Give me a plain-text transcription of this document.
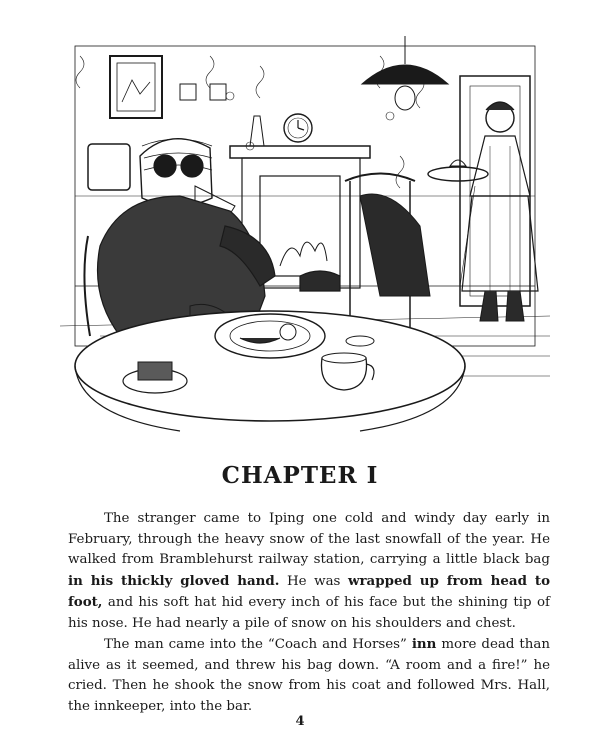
CHAPTER I

The stranger came to Iping one cold and windy day early in February, through the heavy snow of the last snowfall of the year. He walked from Bramblehurst railway station, carrying a little black bag in his thickly gloved hand. He was wrapped up from head to foot, and his soft hat hid every inch of his face but the shining tip of his nose. He had nearly a pile of snow on his shoulders and chest.

The man came into the “Coach and Horses” inn more dead than alive as it seemed, and threw his bag down. “A room and a fire!” he cried. Then he shook the snow from his coat and followed Mrs. Hall, the innkeeper, into the bar.

4
